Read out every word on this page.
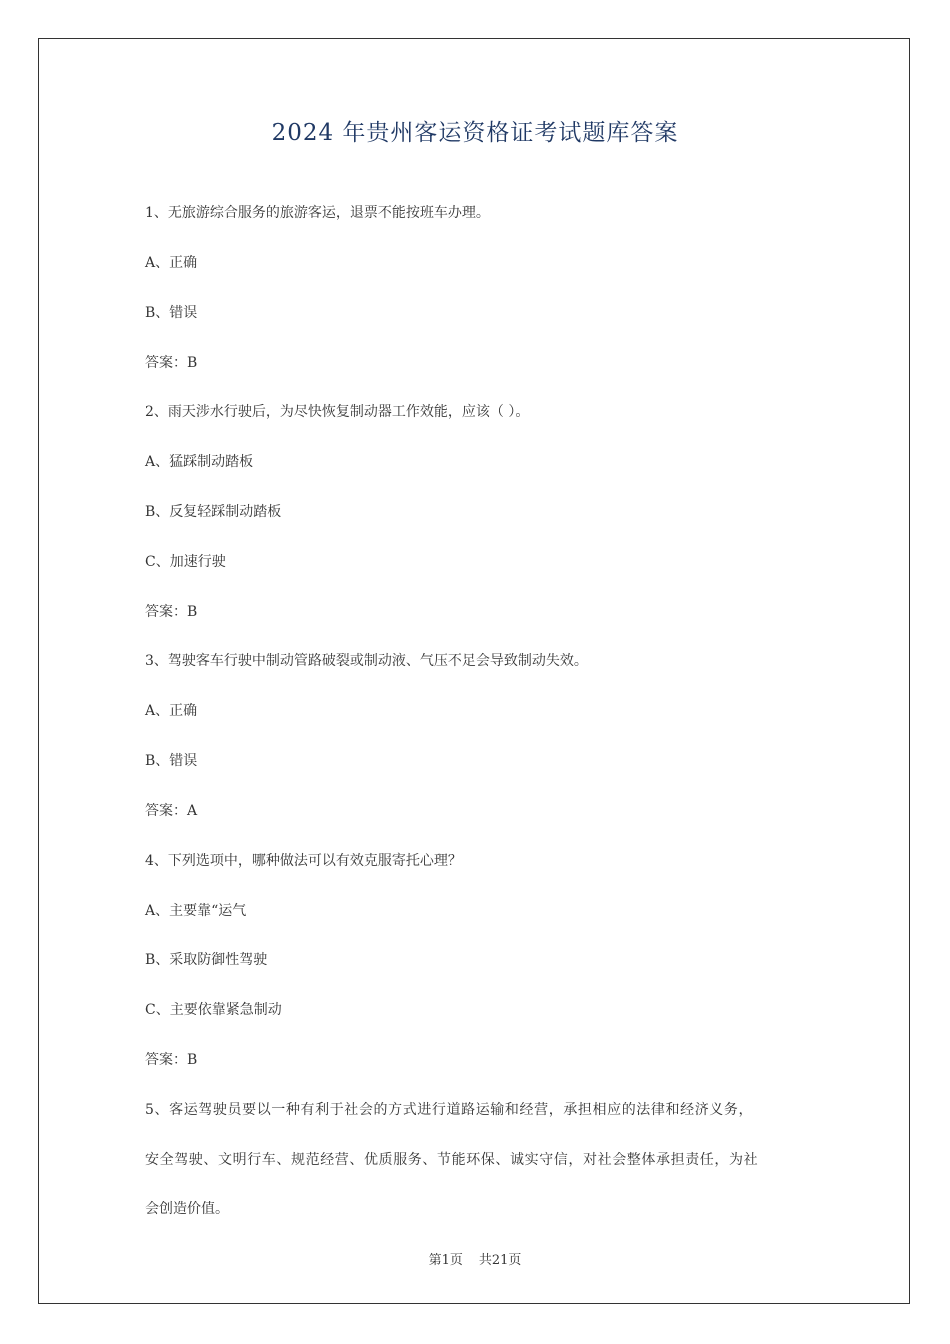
2024 年贵州客运资格证考试题库答案
1、无旅游综合服务的旅游客运，退票不能按班车办理。
A、正确
B、错误
答案：B
2、雨天涉水行驶后，为尽快恢复制动器工作效能，应该（ ）。
A、猛踩制动踏板
B、反复轻踩制动踏板
C、加速行驶
答案：B
3、驾驶客车行驶中制动管路破裂或制动液、气压不足会导致制动失效。
A、正确
B、错误
答案：A
4、下列选项中，哪种做法可以有效克服寄托心理？
A、主要靠“运气
B、采取防御性驾驶
C、主要依靠紧急制动
答案：B
5、客运驾驶员要以一种有利于社会的方式进行道路运输和经营，承担相应的法律和经济义务，
安全驾驶、文明行车、规范经营、优质服务、节能环保、诚实守信，对社会整体承担责任，为社
会创造价值。
第1页 共21页
